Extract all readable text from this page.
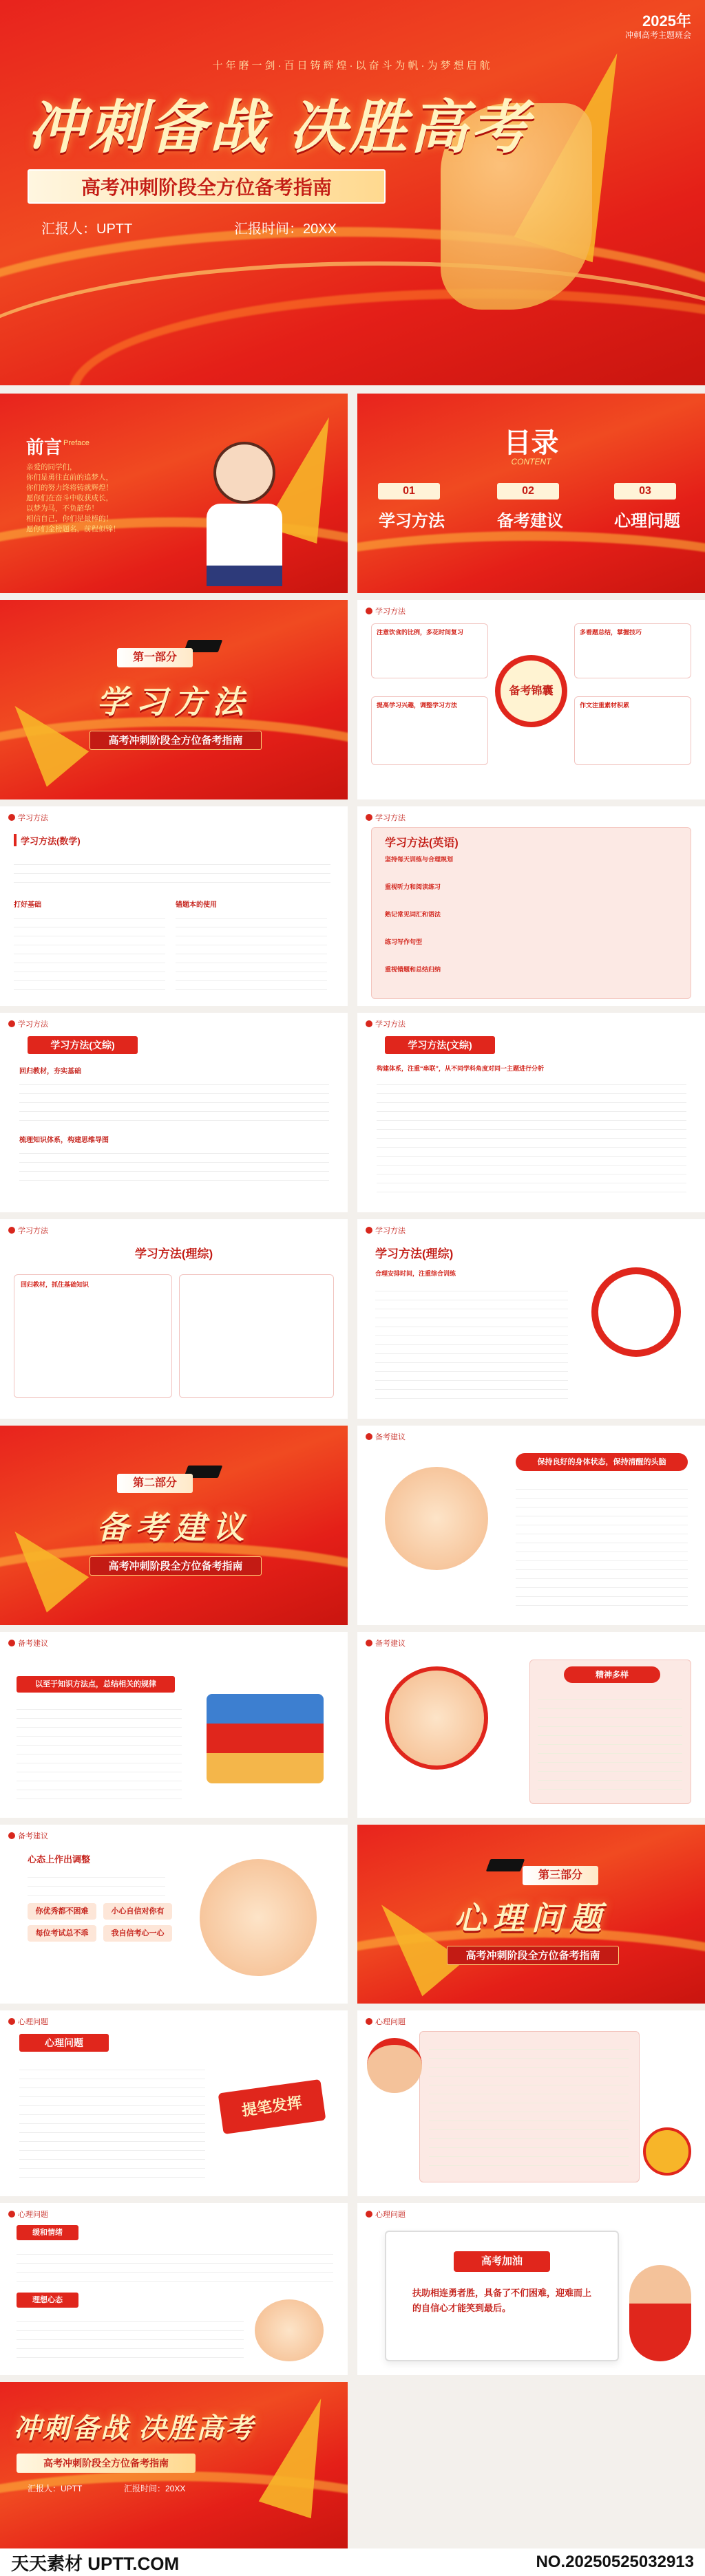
2025年
冲刺高考主题班会
十年磨一剑·百日铸辉煌·以奋斗为帆·为梦想启航
冲刺备战 决胜高考
高考冲刺阶段全方位备考指南
汇报人：UPTT	汇报时间：20XX
前言 Preface
亲爱的同学们，
你们是勇往直前的追梦人，
你们的努力终将铸就辉煌！
愿你们在奋斗中收获成长，
以梦为马，不负韶华！
相信自己，你们是最棒的！
愿你们金榜题名，前程似锦！
目录
CONTENT
01
学习方法
02
备考建议
03
心理问题
第一部分
学习方法
高考冲刺阶段全方位备考指南
学习方法
注意饮食的比例，多花时间复习
提高学习兴趣，调整学习方法
多看题总结，掌握技巧
作文注重素材积累
备考锦囊
学习方法
学习方法(数学)
打好基础	错题本的使用
学习方法
学习方法(英语)
坚持每天训练与合理规划
重视听力和阅读练习
熟记常见词汇和语法
练习写作句型
重视错题和总结归纳
学习方法
学习方法(文综)
回归教材，夯实基础
梳理知识体系，构建思维导图
学习方法
学习方法(文综)
构建体系，注重“串联”，从不同学科角度对同一主题进行分析
学习方法
学习方法(理综)
回归教材，抓住基础知识
学习方法
学习方法(理综)
合理安排时间，注重综合训练
第二部分
备考建议
高考冲刺阶段全方位备考指南
备考建议
保持良好的身体状态，保持清醒的头脑
备考建议
以至于知识方法点，总结相关的规律
备考建议
精神多样
备考建议
心态上作出调整
你优秀都不困难	小心自信对你有
每位考试总不乖	我自信考心一心
第三部分
心理问题
高考冲刺阶段全方位备考指南
心理问题
心理问题
提笔发挥
心理问题
心理问题
缓和情绪
理想心态
心理问题
高考加油
扶助相连勇者胜，具备了不们困难，迎难而上的自信心才能笑到最后。
冲刺备战 决胜高考
高考冲刺阶段全方位备考指南
汇报人：UPTT	汇报时间：20XX
天天素材 UPTT.COM	NO.20250525032913
